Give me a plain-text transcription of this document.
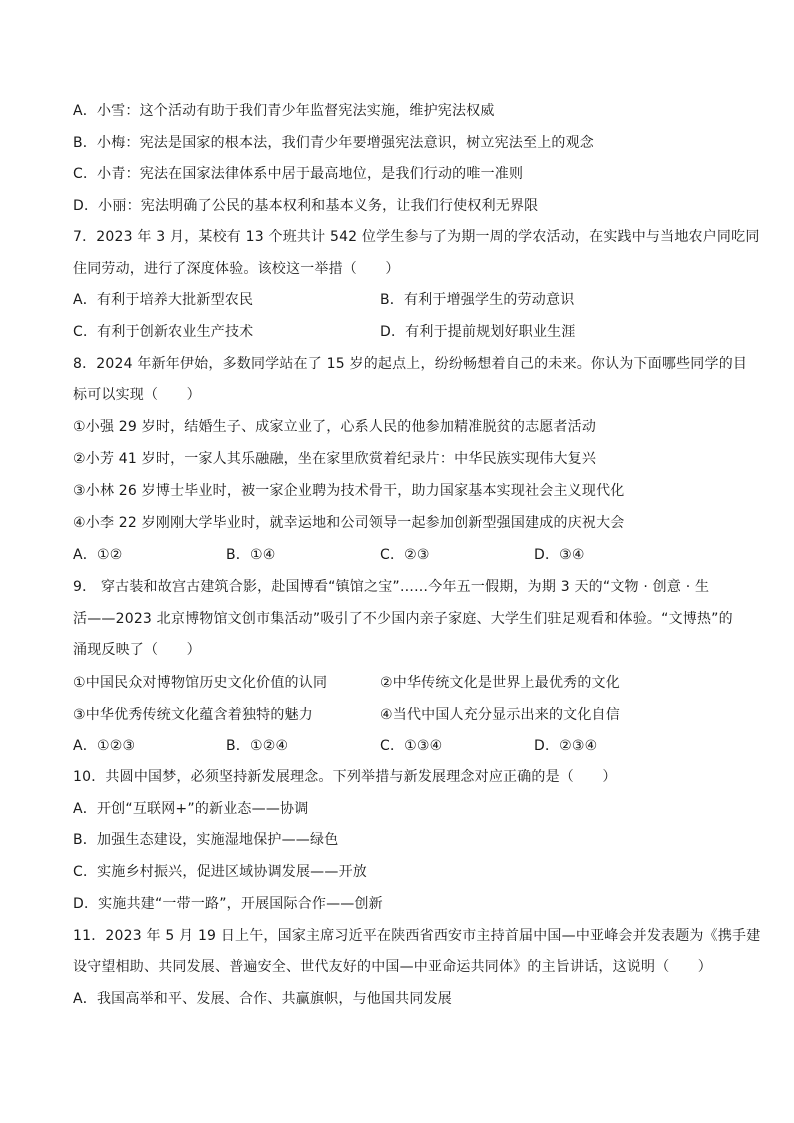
A．小雪：这个活动有助于我们青少年监督宪法实施，维护宪法权威
B．小梅：宪法是国家的根本法，我们青少年要增强宪法意识，树立宪法至上的观念
C．小青：宪法在国家法律体系中居于最高地位，是我们行动的唯一准则
D．小丽：宪法明确了公民的基本权利和基本义务，让我们行使权利无界限
7．2023 年 3 月，某校有 13 个班共计 542 位学生参与了为期一周的学农活动，在实践中与当地农户同吃同
住同劳动，进行了深度体验。该校这一举措（　　）
A．有利于培养大批新型农民	B．有利于增强学生的劳动意识
C．有利于创新农业生产技术	D．有利于提前规划好职业生涯
8．2024 年新年伊始，多数同学站在了 15 岁的起点上，纷纷畅想着自己的未来。你认为下面哪些同学的目
标可以实现（　　）
①小强 29 岁时，结婚生子、成家立业了，心系人民的他参加精准脱贫的志愿者活动
②小芳 41 岁时，一家人其乐融融，坐在家里欣赏着纪录片：中华民族实现伟大复兴
③小林 26 岁博士毕业时，被一家企业聘为技术骨干，助力国家基本实现社会主义现代化
④小李 22 岁刚刚大学毕业时，就幸运地和公司领导一起参加创新型强国建成的庆祝大会
A．①②	B．①④	C．②③	D．③④
9． 穿古装和故宫古建筑合影，赴国博看“镇馆之宝”……今年五一假期，为期 3 天的“文物 · 创意 · 生
活——2023 北京博物馆文创市集活动”吸引了不少国内亲子家庭、大学生们驻足观看和体验。“文博热”的
涌现反映了（　　）
①中国民众对博物馆历史文化价值的认同	②中华传统文化是世界上最优秀的文化
③中华优秀传统文化蕴含着独特的魅力	④当代中国人充分显示出来的文化自信
A．①②③	B．①②④	C．①③④	D．②③④
10．共圆中国梦，必须坚持新发展理念。下列举措与新发展理念对应正确的是（　　）
A．开创“互联网+”的新业态——协调
B．加强生态建设，实施湿地保护——绿色
C．实施乡村振兴，促进区域协调发展——开放
D．实施共建“一带一路”，开展国际合作——创新
11．2023 年 5 月 19 日上午，国家主席习近平在陕西省西安市主持首届中国—中亚峰会并发表题为《携手建
设守望相助、共同发展、普遍安全、世代友好的中国—中亚命运共同体》的主旨讲话，这说明（　　）
A．我国高举和平、发展、合作、共赢旗帜，与他国共同发展
